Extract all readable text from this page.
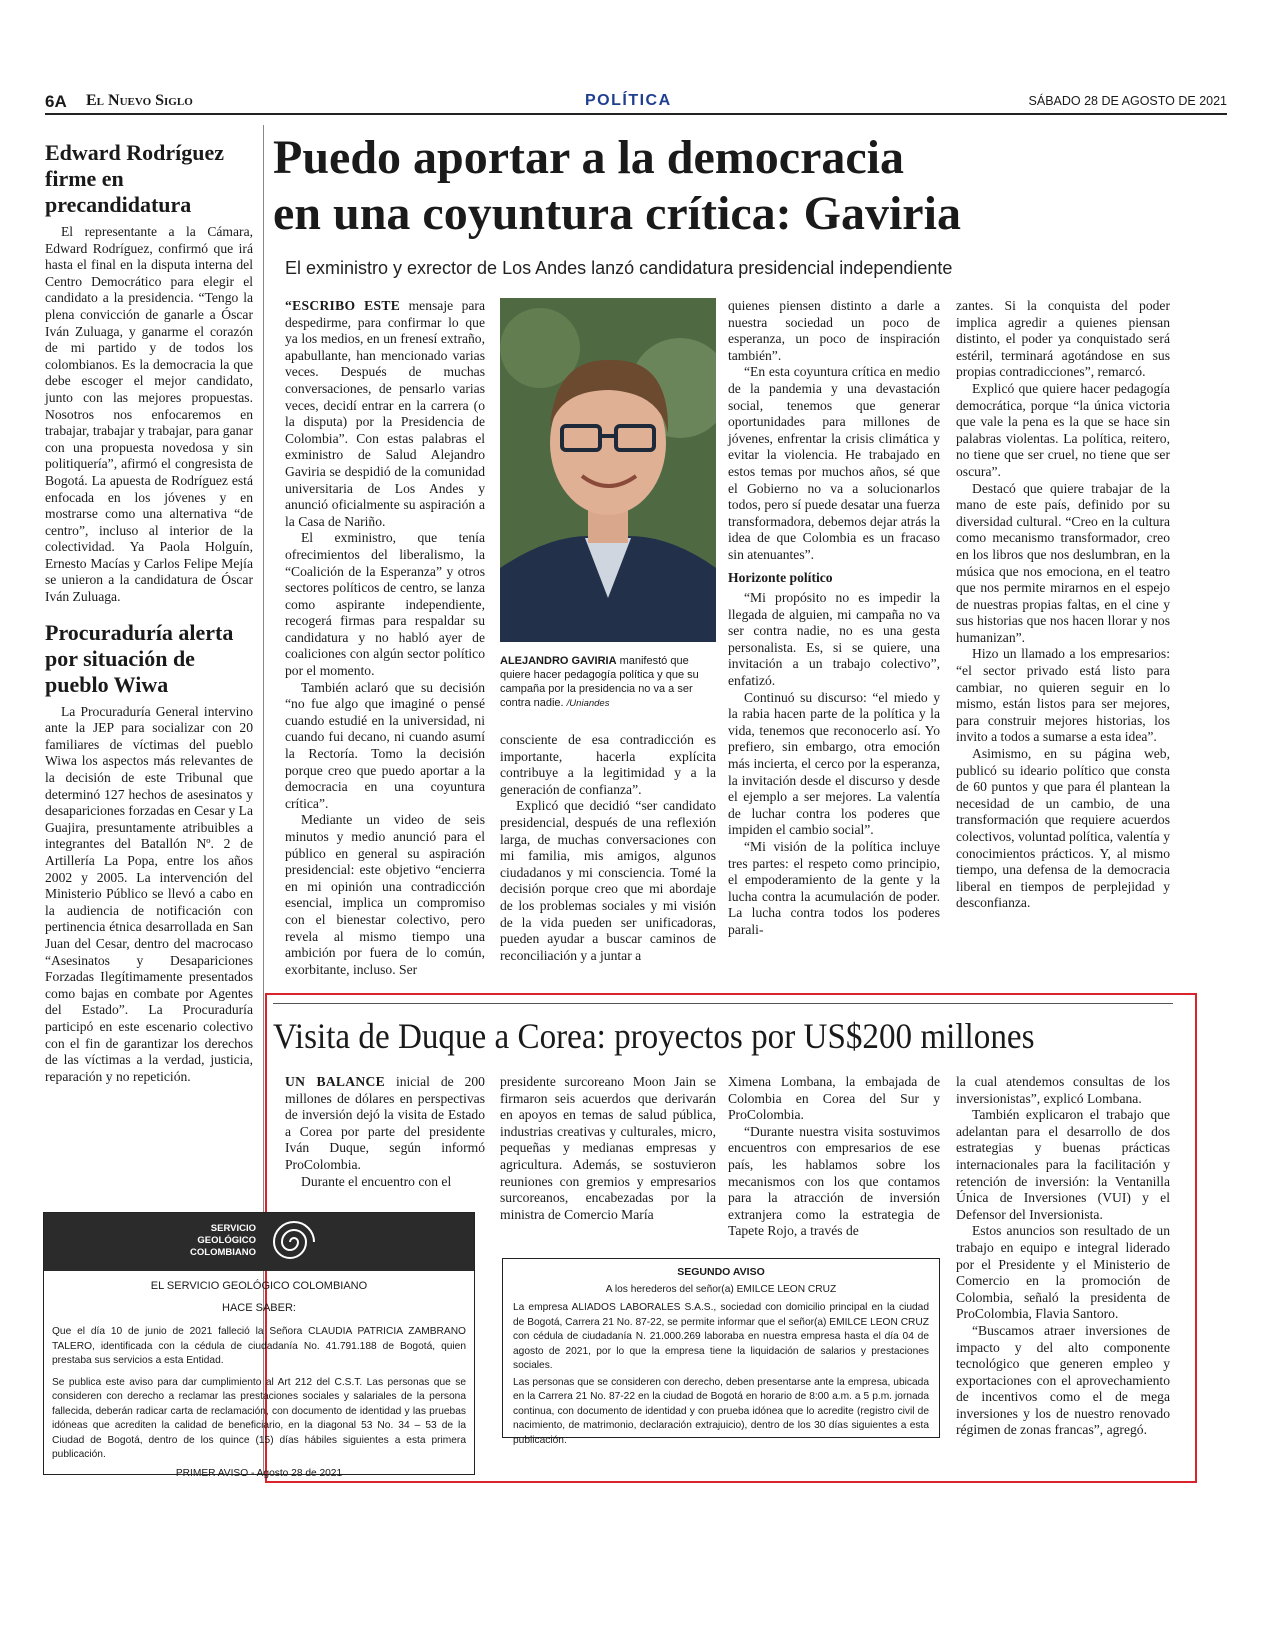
6A El Nuevo Siglo	POLÍTICA	SÁBADO 28 DE AGOSTO DE 2021
Edward Rodríguez firme en precandidatura

El representante a la Cámara, Edward Rodríguez, confirmó que irá hasta el final en la disputa interna del Centro Democrático para elegir el candidato a la presidencia. “Tengo la plena convicción de ganarle a Óscar Iván Zuluaga, y ganarme el corazón de mi partido y de todos los colombianos. Es la democracia la que debe escoger el mejor candidato, junto con las mejores propuestas. Nosotros nos enfocaremos en trabajar, trabajar y trabajar, para ganar con una propuesta novedosa y sin politiquería”, afirmó el congresista de Bogotá. La apuesta de Rodríguez está enfocada en los jóvenes y en mostrarse como una alternativa “de centro”, incluso al interior de la colectividad. Ya Paola Holguín, Ernesto Macías y Carlos Felipe Mejía se unieron a la candidatura de Óscar Iván Zuluaga.

Procuraduría alerta por situación de pueblo Wiwa

La Procuraduría General intervino ante la JEP para socializar con 20 familiares de víctimas del pueblo Wiwa los aspectos más relevantes de la decisión de este Tribunal que determinó 127 hechos de asesinatos y desapariciones forzadas en Cesar y La Guajira, presuntamente atribuibles a integrantes del Batallón Nº. 2 de Artillería La Popa, entre los años 2002 y 2005. La intervención del Ministerio Público se llevó a cabo en la audiencia de notificación con pertinencia étnica desarrollada en San Juan del Cesar, dentro del macrocaso “Asesinatos y Desapariciones Forzadas Ilegítimamente presentados como bajas en combate por Agentes del Estado”. La Procuraduría participó en este escenario colectivo con el fin de garantizar los derechos de las víctimas a la verdad, justicia, reparación y no repetición.

Puedo aportar a la democracia
en una coyuntura crítica: Gaviria
El exministro y exrector de Los Andes lanzó candidatura presidencial independiente

“ESCRIBO ESTE mensaje para despedirme, para confirmar lo que ya los medios, en un frenesí extraño, apabullante, han mencionado varias veces. Después de muchas conversaciones, de pensarlo varias veces, decidí entrar en la carrera (o la disputa) por la Presidencia de Colombia”. Con estas palabras el exministro de Salud Alejandro Gaviria se despidió de la comunidad universitaria de Los Andes y anunció oficialmente su aspiración a la Casa de Nariño.

El exministro, que tenía ofrecimientos del liberalismo, la “Coalición de la Esperanza” y otros sectores políticos de centro, se lanza como aspirante independiente, recogerá firmas para respaldar su candidatura y no habló ayer de coaliciones con algún sector político por el momento.

También aclaró que su decisión “no fue algo que imaginé o pensé cuando estudié en la universidad, ni cuando fui decano, ni cuando asumí la Rectoría. Tomo la decisión porque creo que puedo aportar a la democracia en una coyuntura crítica”.

Mediante un video de seis minutos y medio anunció para el público en general su aspiración presidencial: este objetivo “encierra en mi opinión una contradicción esencial, implica un compromiso con el bienestar colectivo, pero revela al mismo tiempo una ambición por fuera de lo común, exorbitante, incluso. Ser

ALEJANDRO GAVIRIA manifestó que quiere hacer pedagogía política y que su campaña por la presidencia no va a ser contra nadie. /Uniandes

consciente de esa contradicción es importante, hacerla explícita contribuye a la legitimidad y a la generación de confianza”.

Explicó que decidió “ser candidato presidencial, después de una reflexión larga, de muchas conversaciones con mi familia, mis amigos, algunos ciudadanos y mi consciencia. Tomé la decisión porque creo que mi abordaje de los problemas sociales y mi visión de la vida pueden ser unificadoras, pueden ayudar a buscar caminos de reconciliación y a juntar a

quienes piensen distinto a darle a nuestra sociedad un poco de esperanza, un poco de inspiración también”.

“En esta coyuntura crítica en medio de la pandemia y una devastación social, tenemos que generar oportunidades para millones de jóvenes, enfrentar la crisis climática y evitar la violencia. He trabajado en estos temas por muchos años, sé que el Gobierno no va a solucionarlos todos, pero sí puede desatar una fuerza transformadora, debemos dejar atrás la idea de que Colombia es un fracaso sin atenuantes”.

Horizonte político

“Mi propósito no es impedir la llegada de alguien, mi campaña no va ser contra nadie, no es una gesta personalista. Es, si se quiere, una invitación a un trabajo colectivo”, enfatizó.

Continuó su discurso: “el miedo y la rabia hacen parte de la política y la vida, tenemos que reconocerlo así. Yo prefiero, sin embargo, otra emoción más incierta, el cerco por la esperanza, la invitación desde el discurso y desde el ejemplo a ser mejores. La valentía de luchar contra los poderes que impiden el cambio social”.

“Mi visión de la política incluye tres partes: el respeto como principio, el empoderamiento de la gente y la lucha contra la acumulación de poder. La lucha contra todos los poderes parali-

zantes. Si la conquista del poder implica agredir a quienes piensan distinto, el poder ya conquistado será estéril, terminará agotándose en sus propias contradicciones”, remarcó.

Explicó que quiere hacer pedagogía democrática, porque “la única victoria que vale la pena es la que se hace sin palabras violentas. La política, reitero, no tiene que ser cruel, no tiene que ser oscura”.

Destacó que quiere trabajar de la mano de este país, definido por su diversidad cultural. “Creo en la cultura como mecanismo transformador, creo en los libros que nos deslumbran, en la música que nos emociona, en el teatro que nos permite mirarnos en el espejo de nuestras propias faltas, en el cine y sus historias que nos hacen llorar y nos humanizan”.

Hizo un llamado a los empresarios: “el sector privado está listo para cambiar, no quieren seguir en lo mismo, están listos para ser mejores, para construir mejores historias, los invito a todos a sumarse a esta idea”.

Asimismo, en su página web, publicó su ideario político que consta de 60 puntos y que para él plantean la necesidad de un cambio, de una transformación que requiere acuerdos colectivos, voluntad política, valentía y conocimientos prácticos. Y, al mismo tiempo, una defensa de la democracia liberal en tiempos de perplejidad y desconfianza.

Visita de Duque a Corea: proyectos por US$200 millones

UN BALANCE inicial de 200 millones de dólares en perspectivas de inversión dejó la visita de Estado a Corea por parte del presidente Iván Duque, según informó ProColombia.

Durante el encuentro con el

presidente surcoreano Moon Jain se firmaron seis acuerdos que derivarán en apoyos en temas de salud pública, industrias creativas y culturales, micro, pequeñas y medianas empresas y agricultura. Además, se sostuvieron reuniones con gremios y empresarios surcoreanos, encabezadas por la ministra de Comercio María

Ximena Lombana, la embajada de Colombia en Corea del Sur y ProColombia.

“Durante nuestra visita sostuvimos encuentros con empresarios de ese país, les hablamos sobre los mecanismos con los que contamos para la atracción de inversión extranjera como la estrategia de Tapete Rojo, a través de

la cual atendemos consultas de los inversionistas”, explicó Lombana.

También explicaron el trabajo que adelantan para el desarrollo de dos estrategias y buenas prácticas internacionales para la facilitación y retención de inversión: la Ventanilla Única de Inversiones (VUI) y el Defensor del Inversionista.

Estos anuncios son resultado de un trabajo en equipo e integral liderado por el Presidente y el Ministerio de Comercio en la promoción de Colombia, señaló la presidenta de ProColombia, Flavia Santoro.

“Buscamos atraer inversiones de impacto y del alto componente tecnológico que generen empleo y exportaciones con el aprovechamiento de incentivos como el de mega inversiones y los de nuestro renovado régimen de zonas francas”, agregó.

SERVICIO
GEOLÓGICO
COLOMBIANO
EL SERVICIO GEOLÓGICO COLOMBIANO
HACE SABER:
Que el día 10 de junio de 2021 falleció la Señora CLAUDIA PATRICIA ZAMBRANO TALERO, identificada con la cédula de ciudadanía No. 41.791.188 de Bogotá, quien prestaba sus servicios a esta Entidad.
Se publica este aviso para dar cumplimiento al Art 212 del C.S.T. Las personas que se consideren con derecho a reclamar las prestaciones sociales y salariales de la persona fallecida, deberán radicar carta de reclamación, con documento de identidad y las pruebas idóneas que acrediten la calidad de beneficiario, en la diagonal 53 No. 34 – 53 de la Ciudad de Bogotá, dentro de los quince (15) días hábiles siguientes a esta primera publicación.
PRIMER AVISO - Agosto 28 de 2021
SEGUNDO AVISO
A los herederos del señor(a) EMILCE LEON CRUZ
La empresa ALIADOS LABORALES S.A.S., sociedad con domicilio principal en la ciudad de Bogotá, Carrera 21 No. 87-22, se permite informar que el señor(a) EMILCE LEON CRUZ con cédula de ciudadanía N. 21.000.269 laboraba en nuestra empresa hasta el día 04 de agosto de 2021, por lo que la empresa tiene la liquidación de salarios y prestaciones sociales.
Las personas que se consideren con derecho, deben presentarse ante la empresa, ubicada en la Carrera 21 No. 87-22 en la ciudad de Bogotá en horario de 8:00 a.m. a 5 p.m. jornada continua, con documento de identidad y con prueba idónea que lo acredite (registro civil de nacimiento, de matrimonio, declaración extrajuicio), dentro de los 30 días siguientes a esta publicación.
